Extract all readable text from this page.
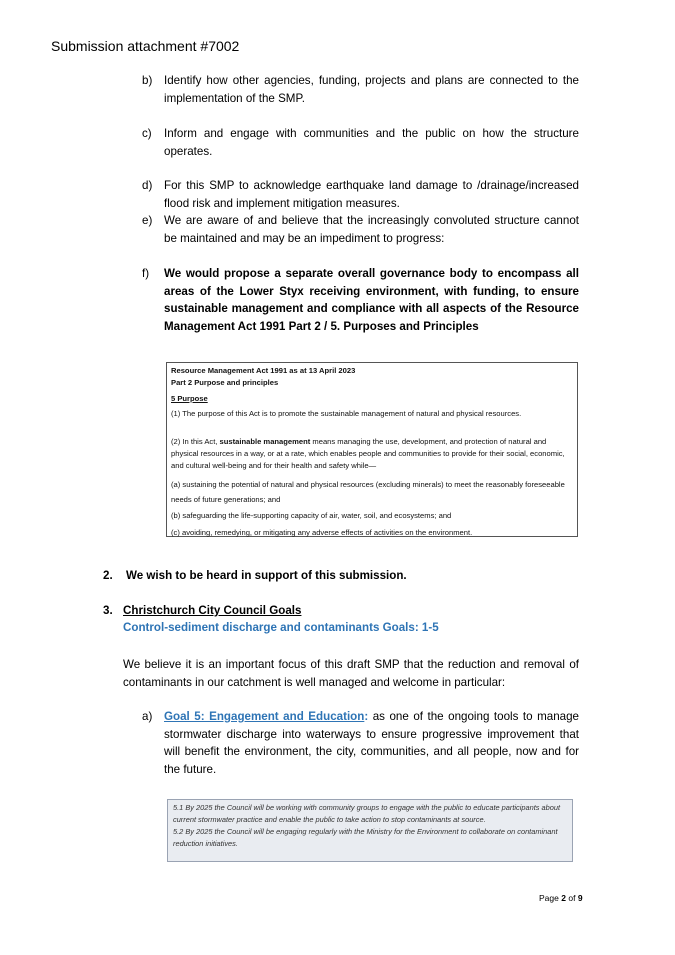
Submission attachment #7002
b) Identify how other agencies, funding, projects and plans are connected to the implementation of the SMP.
c) Inform and engage with communities and the public on how the structure operates.
d) For this SMP to acknowledge earthquake land damage to /drainage/increased flood risk and implement mitigation measures.
e) We are aware of and believe that the increasingly convoluted structure cannot be maintained and may be an impediment to progress:
f) We would propose a separate overall governance body to encompass all areas of the Lower Styx receiving environment, with funding, to ensure sustainable management and compliance with all aspects of the Resource Management Act 1991 Part 2 / 5. Purposes and Principles

Resource Management Act 1991 as at 13 April 2023

Part 2 Purpose and principles

5 Purpose

(1) The purpose of this Act is to promote the sustainable management of natural and physical resources.

(2) In this Act, sustainable management means managing the use, development, and protection of natural and physical resources in a way, or at a rate, which enables people and communities to provide for their social, economic, and cultural well-being and for their health and safety while—

(a) sustaining the potential of natural and physical resources (excluding minerals) to meet the reasonably foreseeable needs of future generations; and

(b) safeguarding the life-supporting capacity of air, water, soil, and ecosystems; and

(c) avoiding, remedying, or mitigating any adverse effects of activities on the environment.

2. We wish to be heard in support of this submission.
3. Christchurch City Council Goals
Control-sediment discharge and contaminants Goals: 1-5
We believe it is an important focus of this draft SMP that the reduction and removal of contaminants in our catchment is well managed and welcome in particular:
a) Goal 5: Engagement and Education: as one of the ongoing tools to manage stormwater discharge into waterways to ensure progressive improvement that will benefit the environment, the city, communities, and all people, now and for the future.

5.1 By 2025 the Council will be working with community groups to engage with the public to educate participants about current stormwater practice and enable the public to take action to stop contaminants at source.

5.2 By 2025 the Council will be engaging regularly with the Ministry for the Environment to collaborate on contaminant reduction initiatives.

Page 2 of 9
